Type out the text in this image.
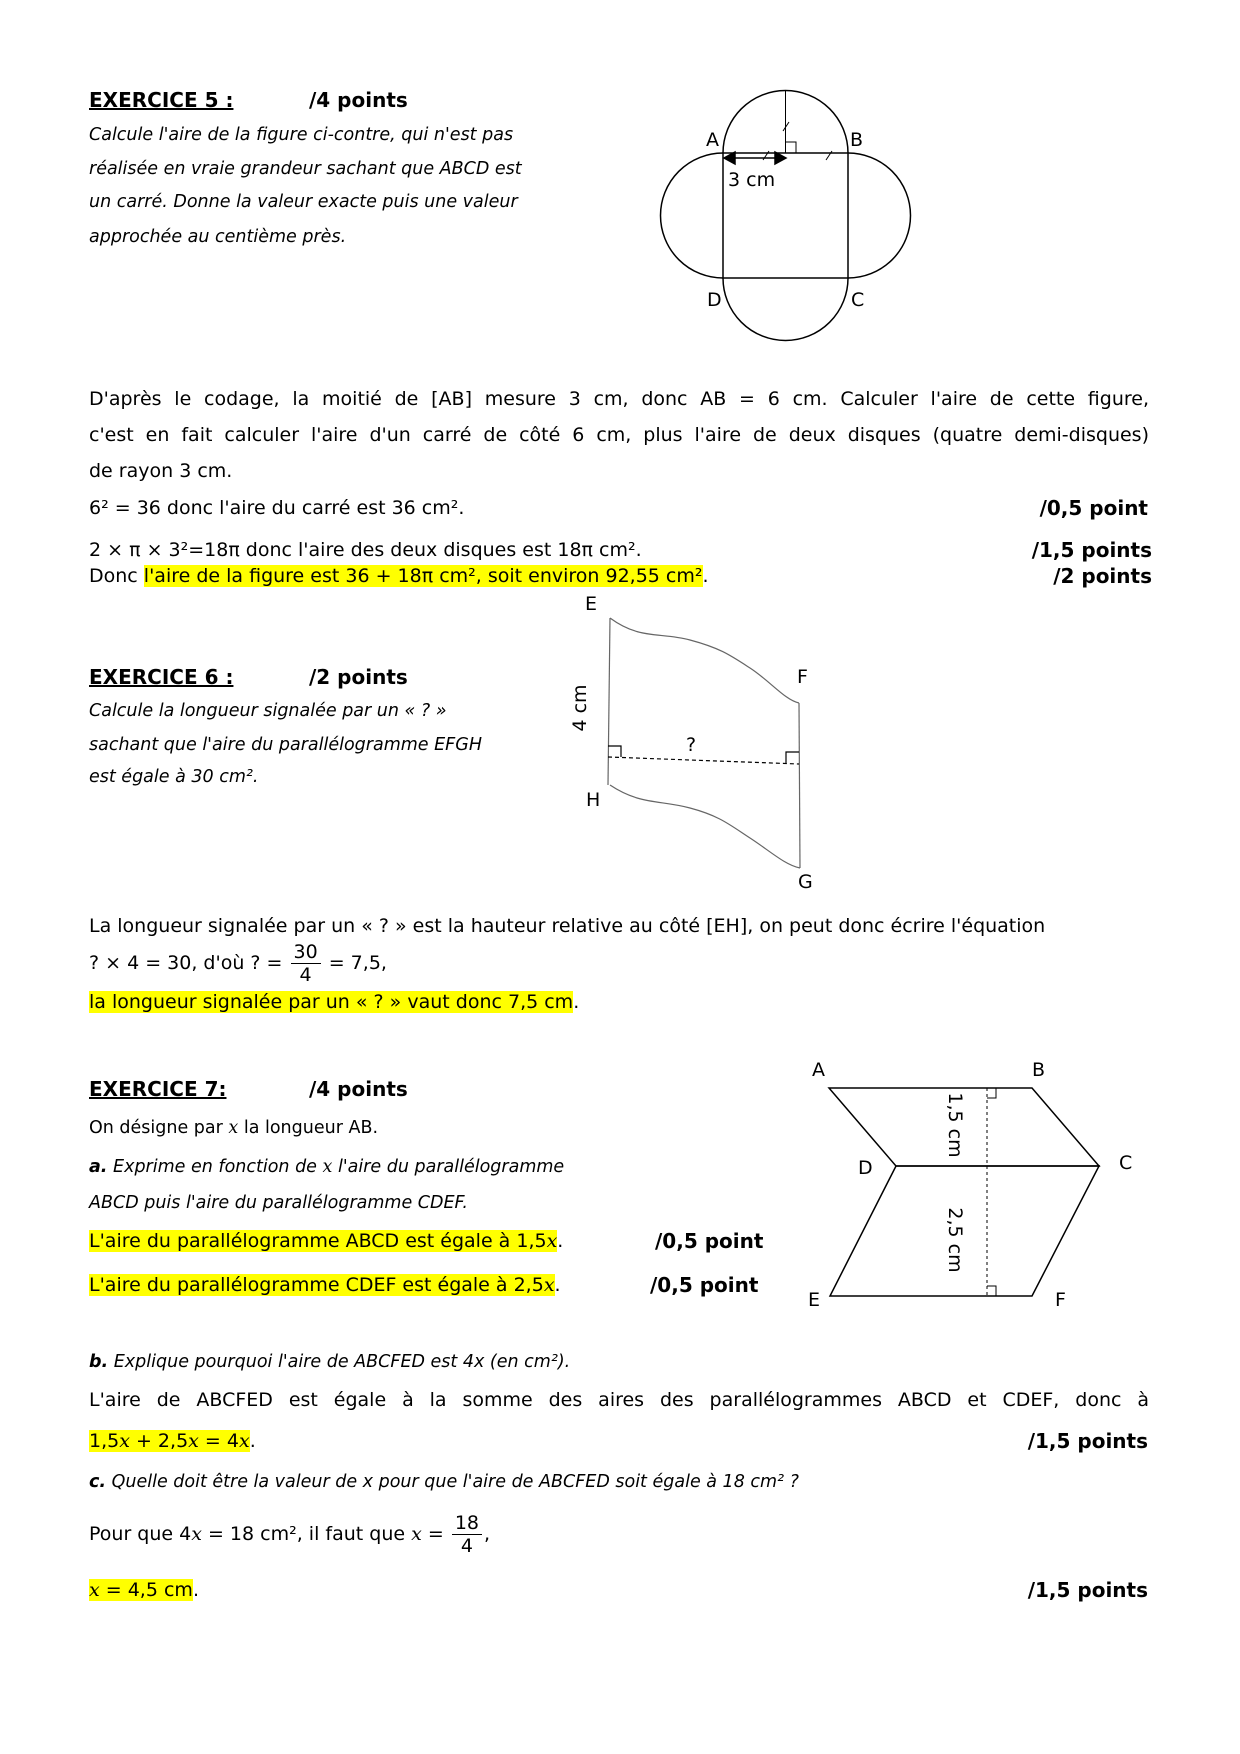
EXERCICE 5 :	/4 points
Calcule l'aire de la figure ci-contre, qui n'est pas
réalisée en vraie grandeur sachant que ABCD est
un carré. Donne la valeur exacte puis une valeur
approchée au centième près.
A	B
D	C
3 cm
D'après le codage, la moitié de [AB] mesure 3 cm, donc AB = 6 cm. Calculer l'aire de cette figure,
c'est en fait calculer l'aire d'un carré de côté 6 cm, plus l'aire de deux disques (quatre demi-disques)
de rayon 3 cm.
6² = 36 donc l'aire du carré est 36 cm².	/0,5 point
2 × π × 3²=18π donc l'aire des deux disques est 18π cm².	/1,5 points
Donc l'aire de la figure est 36 + 18π cm², soit environ 92,55 cm².	/2 points
E
F
H
G
?
4 cm
EXERCICE 6 :	/2 points
Calcule la longueur signalée par un « ? »
sachant que l'aire du parallélogramme EFGH
est égale à 30 cm².
La longueur signalée par un « ? » est la hauteur relative au côté [EH], on peut donc écrire l'équation
? × 4 = 30, d'où ? = $\frac{30}{4} = 7,5$,
la longueur signalée par un « ? » vaut donc 7,5 cm.
A	B
C
D
E	F
1,5 cm
2,5 cm
EXERCICE 7:	/4 points
On désigne par x la longueur AB.
a. Exprime en fonction de x l'aire du parallélogramme
ABCD puis l'aire du parallélogramme CDEF.
L'aire du parallélogramme ABCD est égale à 1,5x.	/0,5 point
L'aire du parallélogramme CDEF est égale à 2,5x.	/0,5 point
b. Explique pourquoi l'aire de ABCFED est 4x (en cm²).
L'aire de ABCFED est égale à la somme des aires des parallélogrammes ABCD et CDEF, donc à
1,5x + 2,5x = 4x.	/1,5 points
c. Quelle doit être la valeur de x pour que l'aire de ABCFED soit égale à 18 cm² ?
Pour que 4x = 18 cm², il faut que $x = \frac{18}{4}$ ,
x = 4,5 cm.	/1,5 points
